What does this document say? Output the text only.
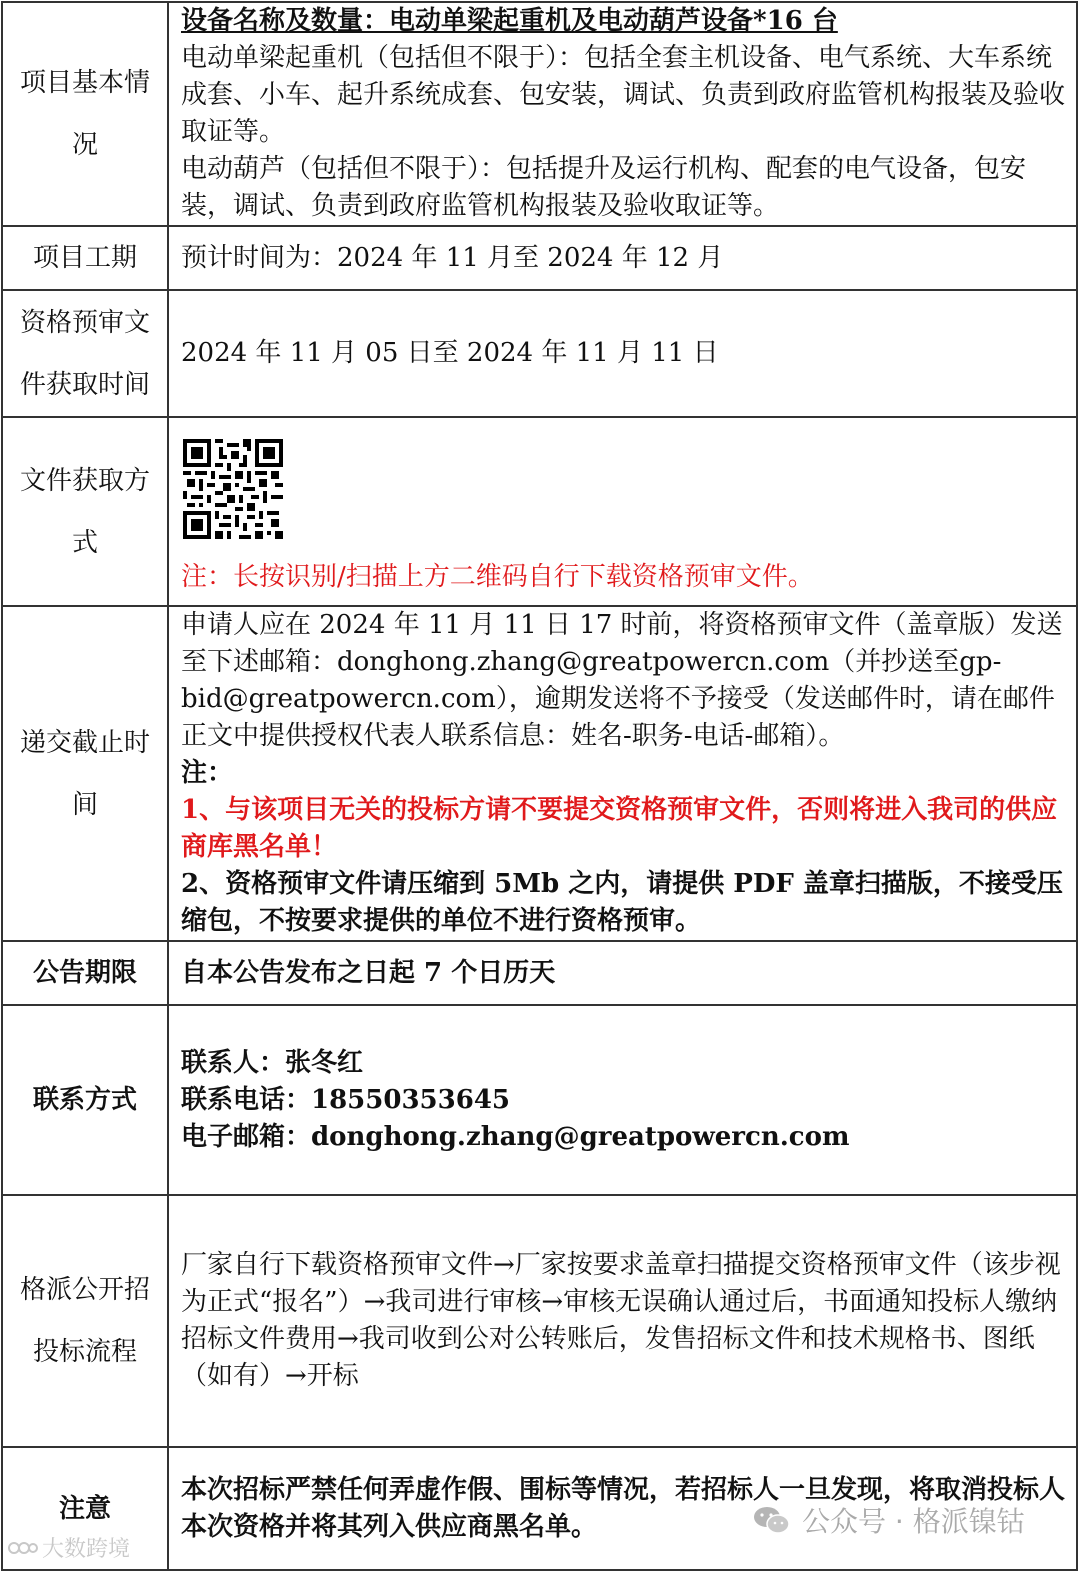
项目基本情况	设备名称及数量：电动单梁起重机及电动葫芦设备*16 台

电动单梁起重机（包括但不限于）：包括全套主机设备、电气系统、大车系统成套、小车、起升系统成套、包安装，调试、负责到政府监管机构报装及验收取证等。

电动葫芦（包括但不限于）：包括提升及运行机构、配套的电气设备，包安装，调试、负责到政府监管机构报装及验收取证等。

项目工期	预计时间为：2024 年 11 月至 2024 年 12 月
资格预审文件获取时间	2024 年 11 月 05 日至 2024 年 11 月 11 日
文件获取方式	注：长按识别/扫描上方二维码自行下载资格预审文件。

递交截止时间	申请人应在 2024 年 11 月 11 日 17 时前，将资格预审文件（盖章版）发送至下述邮箱：donghong.zhang@greatpowercn.com（并抄送至gp-bid@greatpowercn.com），逾期发送将不予接受（发送邮件时，请在邮件正文中提供授权代表人联系信息：姓名-职务-电话-邮箱）。

注：

1、与该项目无关的投标方请不要提交资格预审文件，否则将进入我司的供应商库黑名单！

2、资格预审文件请压缩到 5Mb 之内，请提供 PDF 盖章扫描版，不接受压缩包，不按要求提供的单位不进行资格预审。

公告期限	自本公告发布之日起 7 个日历天
联系方式	联系人：张冬红

联系电话：18550353645

电子邮箱：donghong.zhang@greatpowercn.com

格派公开招投标流程	厂家自行下载资格预审文件→厂家按要求盖章扫描提交资格预审文件（该步视为正式“报名”）→我司进行审核→审核无误确认通过后，书面通知投标人缴纳招标文件费用→我司收到公对公转账后，发售招标文件和技术规格书、图纸（如有）→开标
注意	本次招标严禁任何弄虚作假、围标等情况，若招标人一旦发现，将取消投标人本次资格并将其列入供应商黑名单。
大数跨境
公众号 · 格派镍钴
